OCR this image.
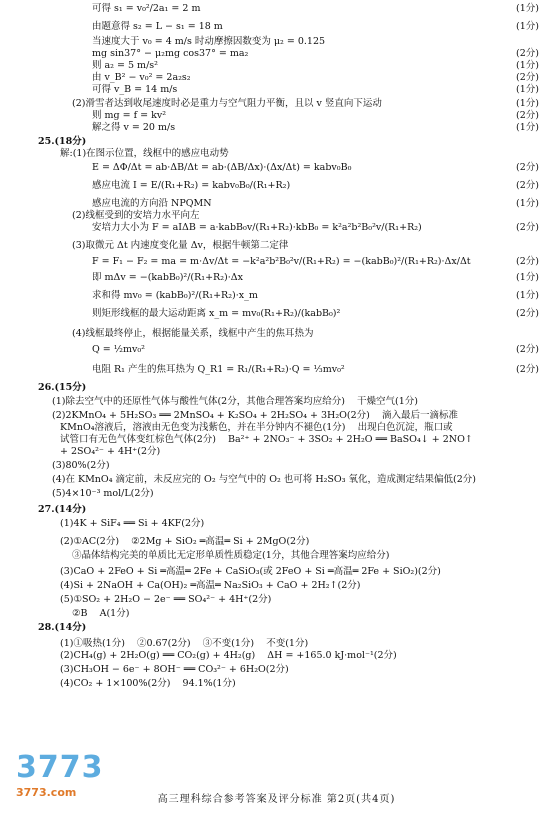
可得 s₁ = v₀²/2a₁ = 2 m	(1分)
由题意得 s₂ = L − s₁ = 18 m	(1分)
当速度大于 v₀ = 4 m/s 时动摩擦因数变为 μ₂ = 0.125
mg sin37° − μ₂mg cos37° = ma₂	(2分)
则 a₂ = 5 m/s²	(1分)
由 v_B² − v₀² = 2a₂s₂	(2分)
可得 v_B = 14 m/s	(1分)
(2)滑雪者达到收尾速度时必是重力与空气阻力平衡，且以 v 竖直向下运动	(1分)
则 mg = f = kv²	(2分)
解之得 v = 20 m/s	(1分)
25.(18分)
解:(1)在图示位置，线框中的感应电动势
E = ΔΦ/Δt = ab·ΔB/Δt = ab·(ΔB/Δx)·(Δx/Δt) = kabv₀B₀	(2分)
感应电流 I = E/(R₁+R₂) = kabv₀B₀/(R₁+R₂)	(2分)
感应电流的方向沿 NPQMN	(1分)
(2)线框受到的安培力水平向左
安培力大小为 F = aIΔB = a·kabB₀v/(R₁+R₂)·kbB₀ = k²a²b²B₀²v/(R₁+R₂)	(2分)
(3)取微元 Δt 内速度变化量 Δv，根据牛顿第二定律
F = F₁ − F₂ = ma = m·Δv/Δt = −k²a²b²B₀²v/(R₁+R₂) = −(kabB₀)²/(R₁+R₂)·Δx/Δt	(2分)
即 mΔv = −(kabB₀)²/(R₁+R₂)·Δx	(1分)
求和得 mv₀ = (kabB₀)²/(R₁+R₂)·x_m	(1分)
则矩形线框的最大运动距离 x_m = mv₀(R₁+R₂)/(kabB₀)²	(2分)
(4)线框最终停止，根据能量关系，线框中产生的焦耳热为
Q = ½mv₀²	(2分)
电阻 R₁ 产生的焦耳热为 Q_R1 = R₁/(R₁+R₂)·Q = ⅓mv₀²	(2分)
26.(15分)
(1)除去空气中的还原性气体与酸性气体(2分，其他合理答案均应给分)    干燥空气(1分)
(2)2KMnO₄ + 5H₂SO₃ ══ 2MnSO₄ + K₂SO₄ + 2H₂SO₄ + 3H₂O(2分)    滴入最后一滴标准
KMnO₄溶液后，溶液由无色变为浅紫色，并在半分钟内不褪色(1分)    出现白色沉淀，瓶口或
试管口有无色气体变红棕色气体(2分)    Ba²⁺ + 2NO₃⁻ + 3SO₂ + 2H₂O ══ BaSO₄↓ + 2NO↑
+ 2SO₄²⁻ + 4H⁺(2分)
(3)80%(2分)
(4)在 KMnO₄ 滴定前，未反应完的 O₂ 与空气中的 O₂ 也可将 H₂SO₃ 氧化，造成测定结果偏低(2分)
(5)4×10⁻³ mol/L(2分)
27.(14分)
(1)4K + SiF₄ ══ Si + 4KF(2分)
(2)①AC(2分)    ②2Mg + SiO₂ ═高温═ Si + 2MgO(2分)
③晶体结构完美的单质比无定形单质性质稳定(1分，其他合理答案均应给分)
(3)CaO + 2FeO + Si ═高温═ 2Fe + CaSiO₃(或 2FeO + Si ═高温═ 2Fe + SiO₂)(2分)
(4)Si + 2NaOH + Ca(OH)₂ ═高温═ Na₂SiO₃ + CaO + 2H₂↑(2分)
(5)①SO₂ + 2H₂O − 2e⁻ ══ SO₄²⁻ + 4H⁺(2分)
②B    A(1分)
28.(14分)
(1)①吸热(1分)    ②0.67(2分)    ③不变(1分)    不变(1分)
(2)CH₄(g) + 2H₂O(g) ══ CO₂(g) + 4H₂(g)    ΔH = +165.0 kJ·mol⁻¹(2分)
(3)CH₃OH − 6e⁻ + 8OH⁻ ══ CO₃²⁻ + 6H₂O(2分)
(4)CO₂ + 1×100%(2分)    94.1%(1分)
3773
3773.com
高三理科综合参考答案及评分标准 第2页(共4页)
